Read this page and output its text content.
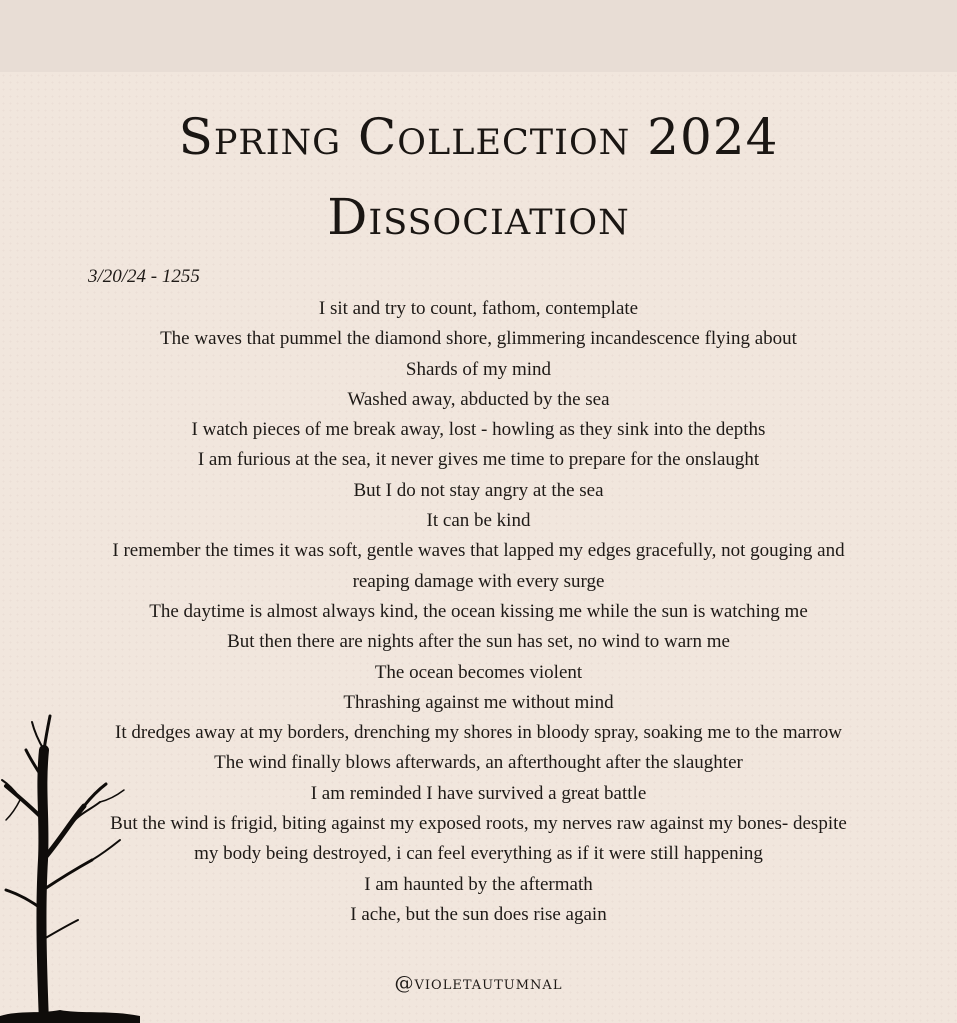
Spring Collection 2024
Dissociation
3/20/24 - 1255
I sit and try to count, fathom, contemplate
The waves that pummel the diamond shore, glimmering incandescence flying about
Shards of my mind
Washed away, abducted by the sea
I watch pieces of me break away, lost - howling as they sink into the depths
I am furious at the sea, it never gives me time to prepare for the onslaught
But I do not stay angry at the sea
It can be kind
I remember the times it was soft, gentle waves that lapped my edges gracefully, not gouging and
reaping damage with every surge
The daytime is almost always kind, the ocean kissing me while the sun is watching me
But then there are nights after the sun has set, no wind to warn me
The ocean becomes violent
Thrashing against me without mind
It dredges away at my borders, drenching my shores in bloody spray, soaking me to the marrow
The wind finally blows afterwards, an afterthought after the slaughter
I am reminded I have survived a great battle
But the wind is frigid, biting against my exposed roots, my nerves raw against my bones- despite
my body being destroyed, i can feel everything as if it were still happening
I am haunted by the aftermath
I ache, but the sun does rise again
@violetautumnal
